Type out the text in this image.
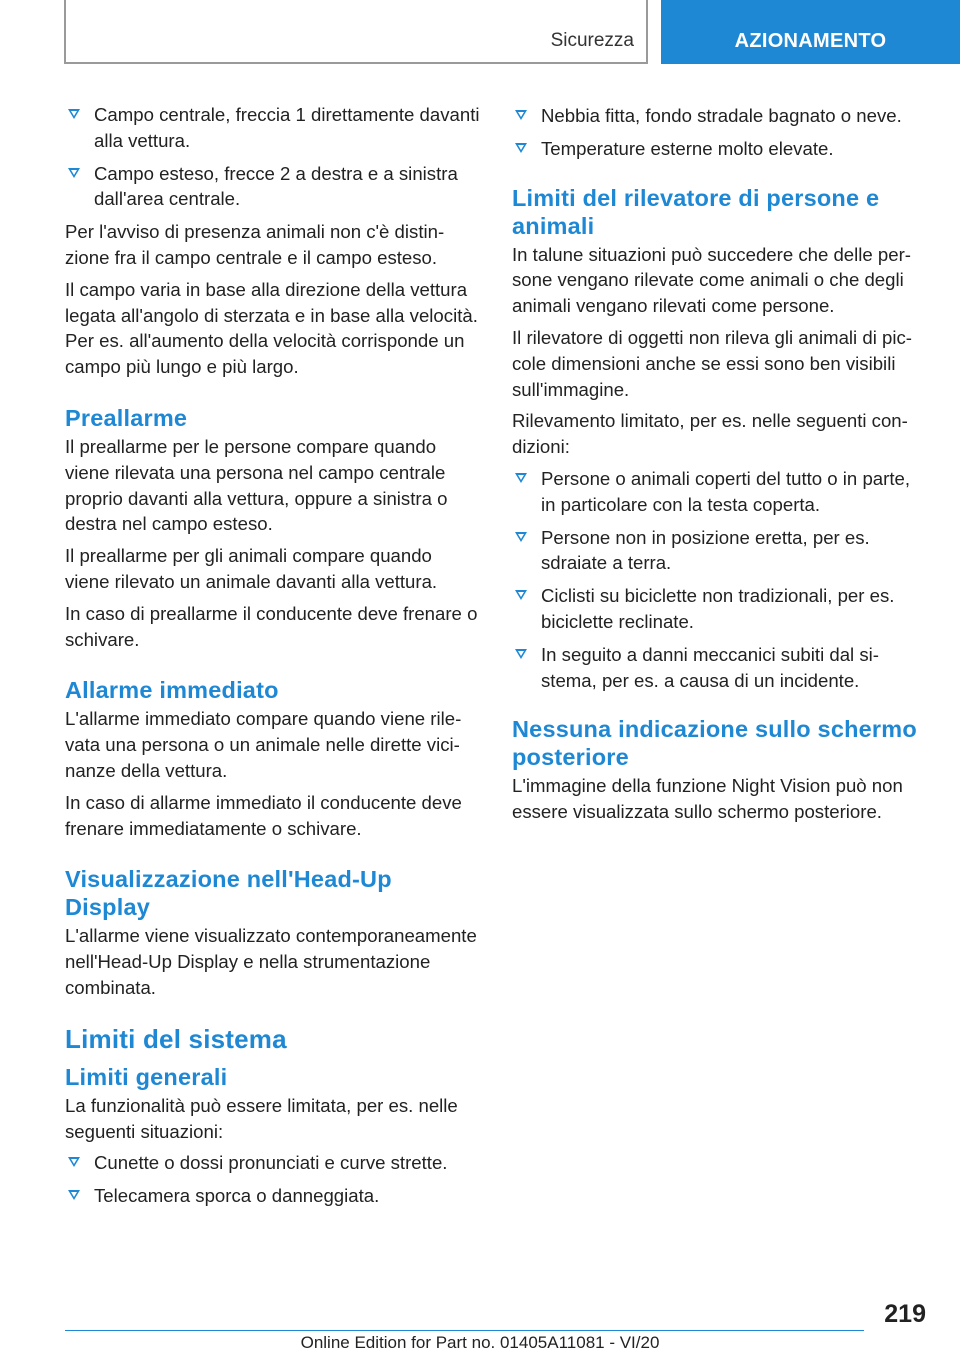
Sicurezza	AZIONAMENTO
Campo centrale, freccia 1 direttamente davanti alla vettura.
Campo esteso, frecce 2 a destra e a sinistra dall'area centrale.

Per l'avviso di presenza animali non c'è distinzione fra il campo centrale e il campo esteso.

Il campo varia in base alla direzione della vettura legata all'angolo di sterzata e in base alla velocità. Per es. all'aumento della velocità corrisponde un campo più lungo e più largo.

Preallarme

Il preallarme per le persone compare quando viene rilevata una persona nel campo centrale proprio davanti alla vettura, oppure a sinistra o destra nel campo esteso.

Il preallarme per gli animali compare quando viene rilevato un animale davanti alla vettura.

In caso di preallarme il conducente deve frenare o schivare.

Allarme immediato

L'allarme immediato compare quando viene rilevata una persona o un animale nelle dirette vicinanze della vettura.

In caso di allarme immediato il conducente deve frenare immediatamente o schivare.

Visualizzazione nell'Head-Up Display

L'allarme viene visualizzato contemporaneamente nell'Head-Up Display e nella strumentazione combinata.

Limiti del sistema
Limiti generali

La funzionalità può essere limitata, per es. nelle seguenti situazioni:

Cunette o dossi pronunciati e curve strette.
Telecamera sporca o danneggiata.
Nebbia fitta, fondo stradale bagnato o neve.
Temperature esterne molto elevate.
Limiti del rilevatore di persone e animali

In talune situazioni può succedere che delle persone vengano rilevate come animali o che degli animali vengano rilevati come persone.

Il rilevatore di oggetti non rileva gli animali di piccole dimensioni anche se essi sono ben visibili sull'immagine.

Rilevamento limitato, per es. nelle seguenti condizioni:

Persone o animali coperti del tutto o in parte, in particolare con la testa coperta.
Persone non in posizione eretta, per es. sdraiate a terra.
Ciclisti su biciclette non tradizionali, per es. biciclette reclinate.
In seguito a danni meccanici subiti dal sistema, per es. a causa di un incidente.
Nessuna indicazione sullo schermo posteriore

L'immagine della funzione Night Vision può non essere visualizzata sullo schermo posteriore.

219
Online Edition for Part no. 01405A11081 - VI/20
